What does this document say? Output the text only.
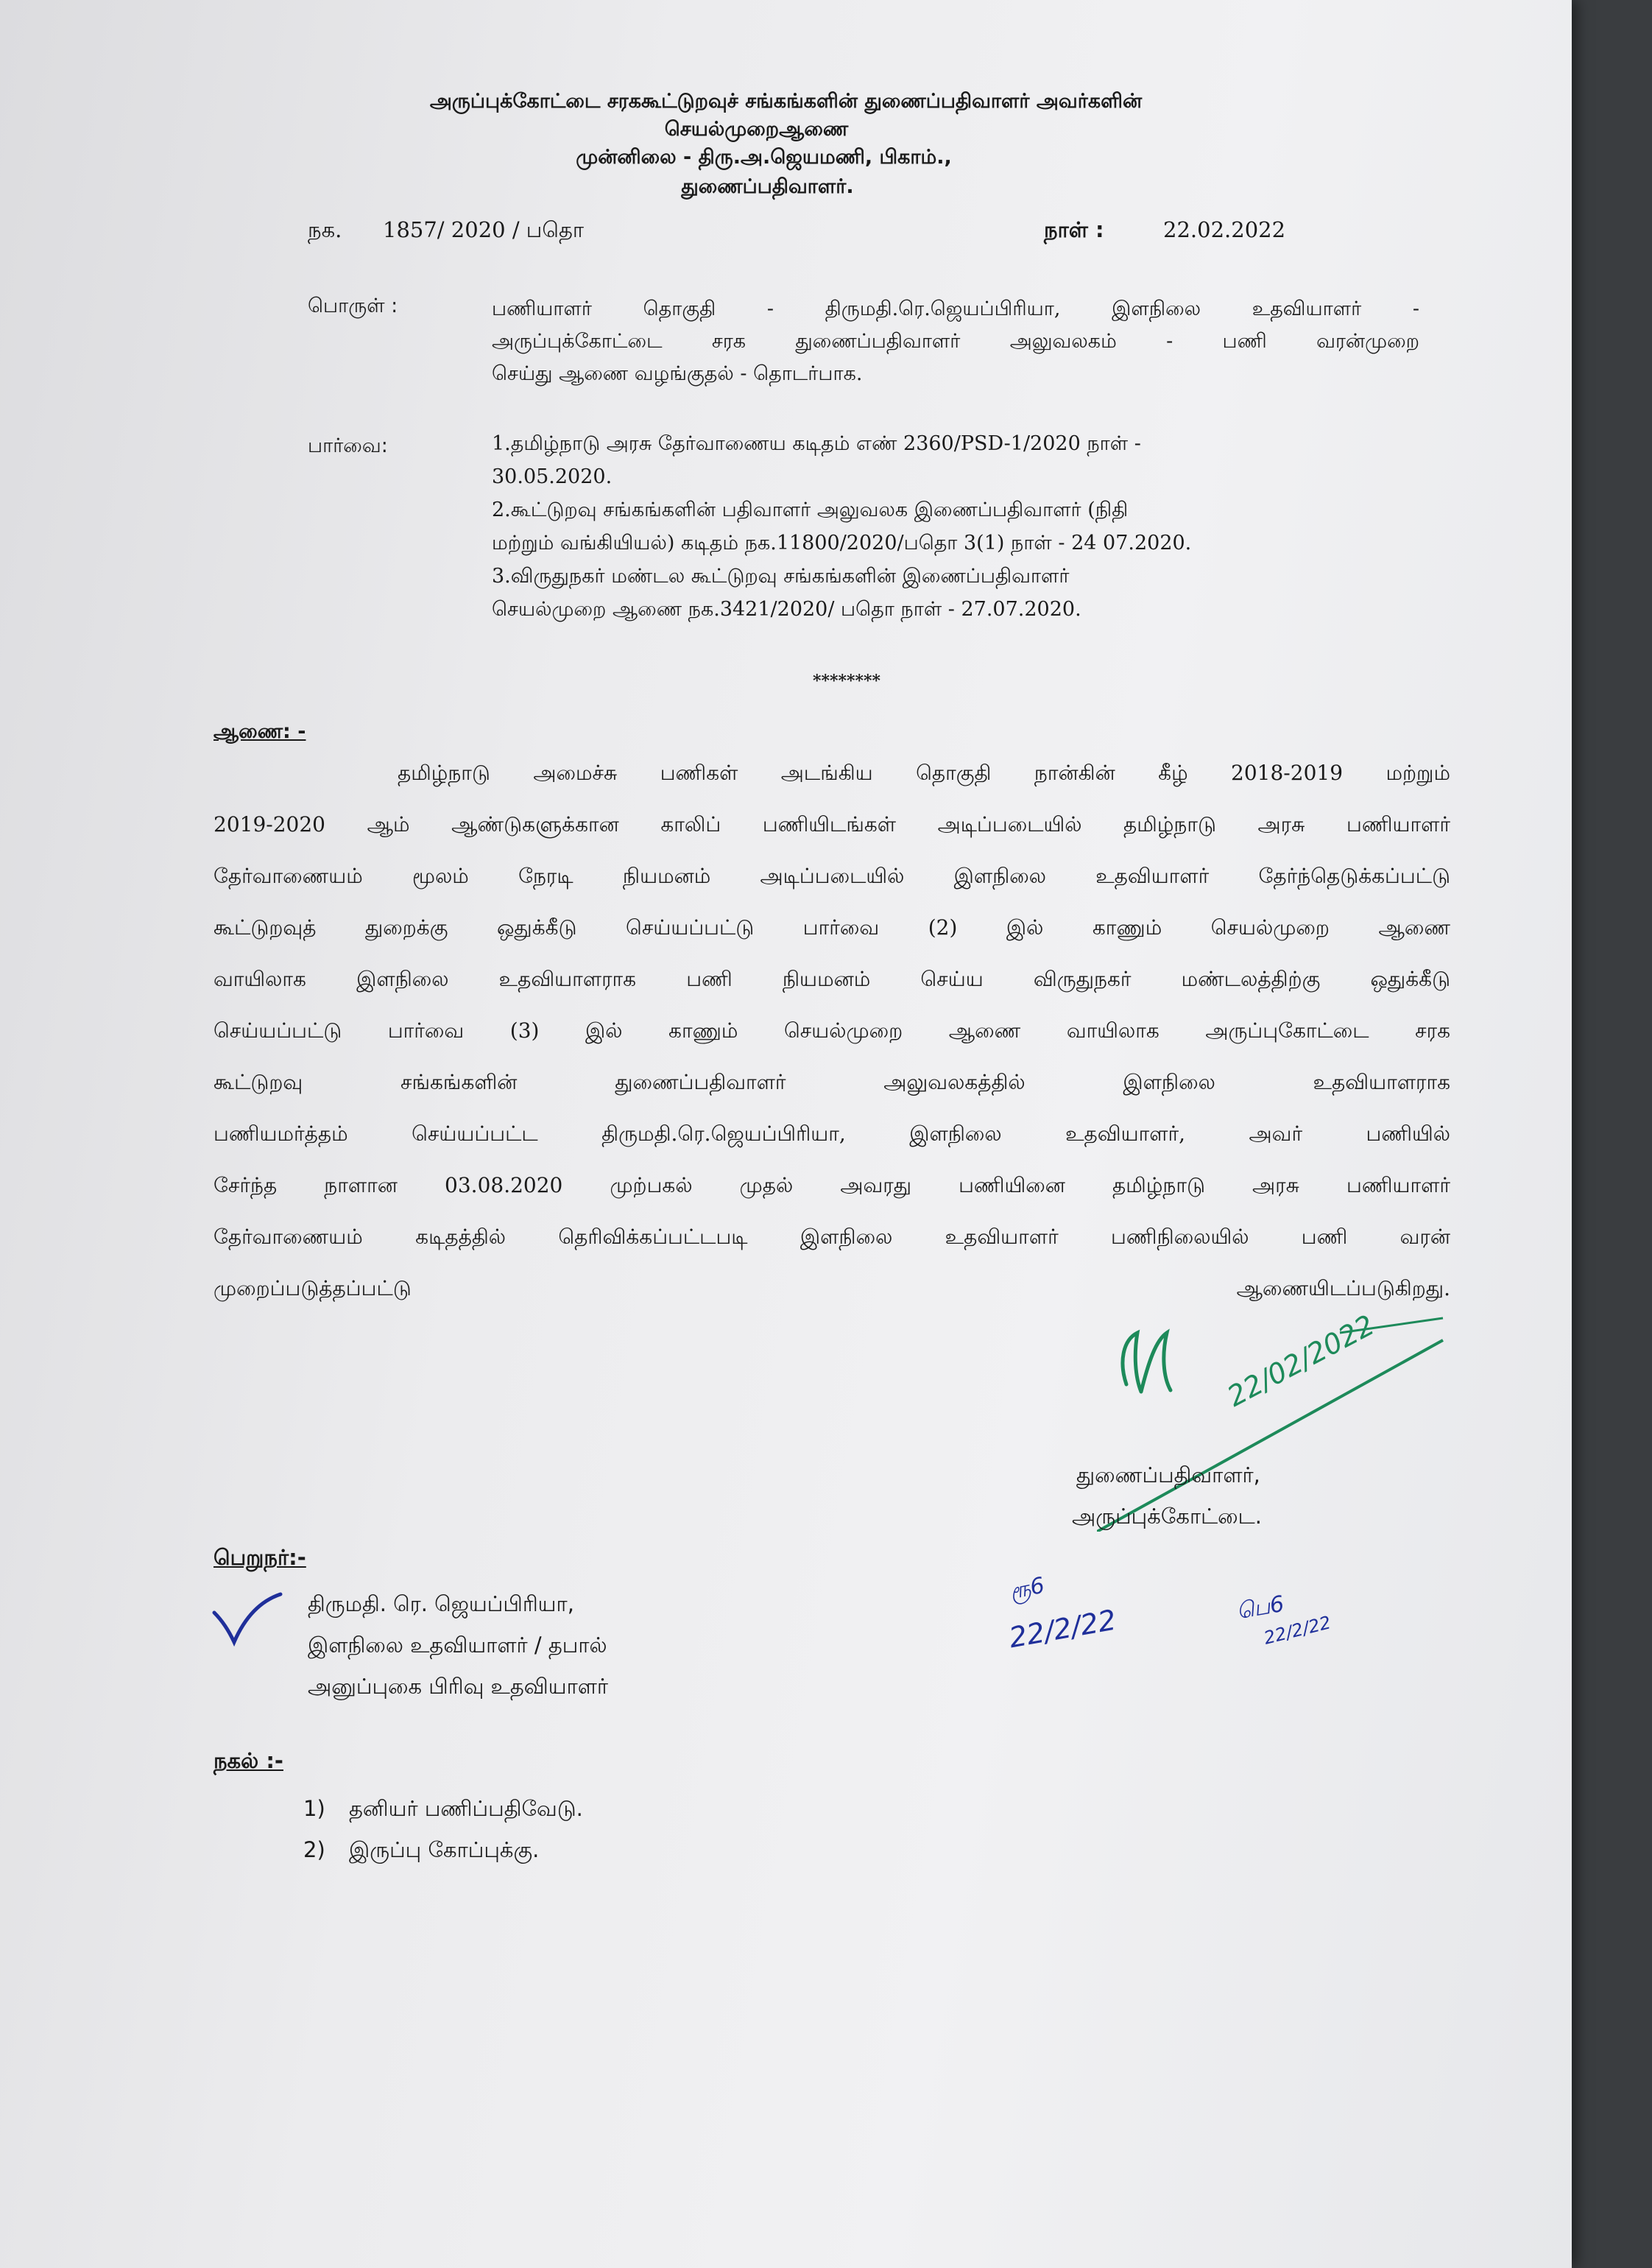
அருப்புக்கோட்டை சரககூட்டுறவுச் சங்கங்களின் துணைப்பதிவாளர் அவர்களின்
செயல்முறைஆணை
முன்னிலை - திரு.அ.ஜெயமணி, பிகாம்.,
துணைப்பதிவாளர்.
நக. 1857/ 2020 / பதொ	நாள் :	22.02.2022
பொருள் :	பணியாளர் தொகுதி - திருமதி.ரெ.ஜெயப்பிரியா, இளநிலை உதவியாளர் -
அருப்புக்கோட்டை சரக துணைப்பதிவாளர் அலுவலகம் - பணி வரன்முறை
செய்து ஆணை வழங்குதல் - தொடர்பாக.
பார்வை:	1.தமிழ்நாடு அரசு தேர்வாணைய கடிதம் எண் 2360/PSD-1/2020 நாள் -
30.05.2020.
2.கூட்டுறவு சங்கங்களின் பதிவாளர் அலுவலக இணைப்பதிவாளர் (நிதி
மற்றும் வங்கியியல்) கடிதம் நக.11800/2020/பதொ 3(1) நாள் - 24 07.2020.
3.விருதுநகர் மண்டல கூட்டுறவு சங்கங்களின் இணைப்பதிவாளர்
செயல்முறை ஆணை நக.3421/2020/ பதொ நாள் - 27.07.2020.
********
ஆணை: -
தமிழ்நாடு அமைச்சு பணிகள் அடங்கிய தொகுதி நான்கின் கீழ் 2018-2019 மற்றும்
2019-2020 ஆம் ஆண்டுகளுக்கான காலிப் பணியிடங்கள் அடிப்படையில் தமிழ்நாடு அரசு பணியாளர்
தேர்வாணையம் மூலம் நேரடி நியமனம் அடிப்படையில் இளநிலை உதவியாளர் தேர்ந்தெடுக்கப்பட்டு
கூட்டுறவுத் துறைக்கு ஒதுக்கீடு செய்யப்பட்டு பார்வை (2) இல் காணும் செயல்முறை ஆணை
வாயிலாக இளநிலை உதவியாளராக பணி நியமனம் செய்ய விருதுநகர் மண்டலத்திற்கு ஒதுக்கீடு
செய்யப்பட்டு பார்வை (3) இல் காணும் செயல்முறை ஆணை வாயிலாக அருப்புகோட்டை சரக
கூட்டுறவு சங்கங்களின் துணைப்பதிவாளர் அலுவலகத்தில் இளநிலை உதவியாளராக
பணியமர்த்தம் செய்யப்பட்ட திருமதி.ரெ.ஜெயப்பிரியா, இளநிலை உதவியாளர், அவர் பணியில்
சேர்ந்த நாளான 03.08.2020 முற்பகல் முதல் அவரது பணியினை தமிழ்நாடு அரசு பணியாளர்
தேர்வாணையம் கடிதத்தில் தெரிவிக்கப்பட்டபடி இளநிலை உதவியாளர் பணிநிலையில் பணி வரன்
முறைப்படுத்தப்பட்டு ஆணையிடப்படுகிறது.
22/02/2022
துணைப்பதிவாளர்,
அருப்புக்கோட்டை.
பெறுநர்:-
திருமதி. ரெ. ஜெயப்பிரியா,
இளநிலை உதவியாளர் / தபால்
அனுப்புகை பிரிவு உதவியாளர்
ரூ6
22/2/22	பெ6
22/2/22
நகல் :-
1) தனியர் பணிப்பதிவேடு.
2) இருப்பு கோப்புக்கு.
